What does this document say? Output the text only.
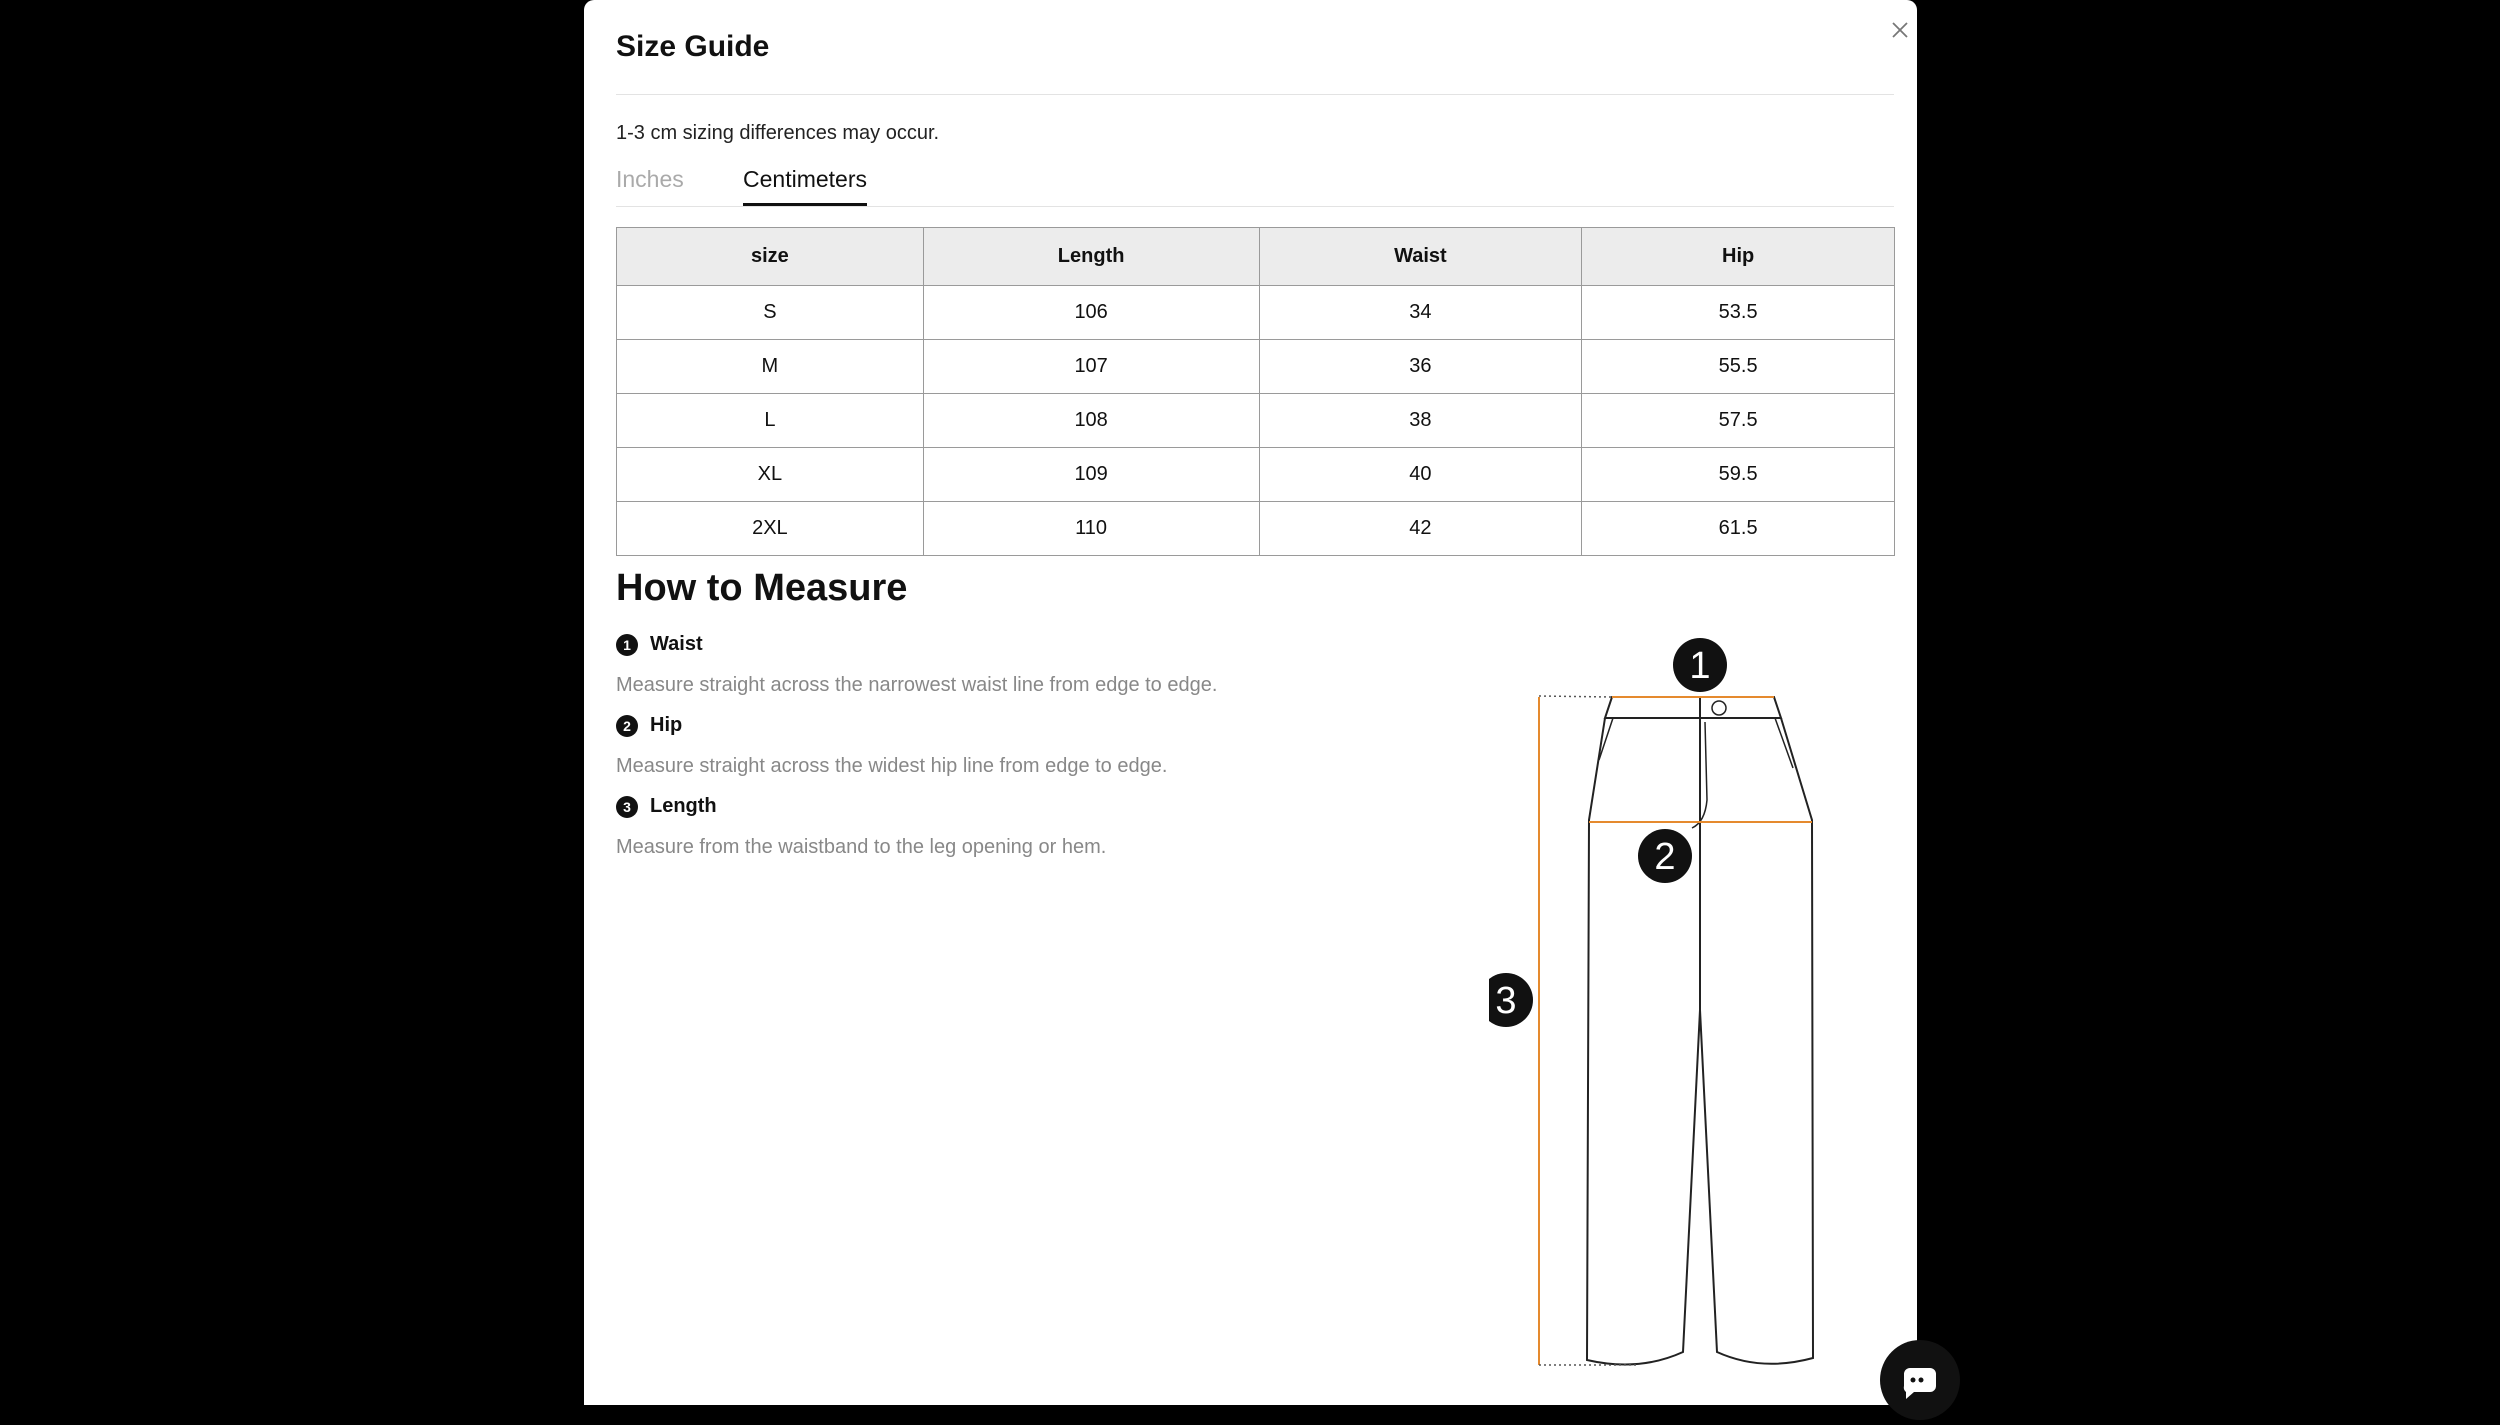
Size Guide
1-3 cm sizing differences may occur.
Inches	Centimeters
size	Length	Waist	Hip
S	106	34	53.5
M	107	36	55.5
L	108	38	57.5
XL	109	40	59.5
2XL	110	42	61.5
How to Measure
1 Waist
Measure straight across the narrowest waist line from edge to edge.
2 Hip
Measure straight across the widest hip line from edge to edge.
3 Length
Measure from the waistband to the leg opening or hem.
1
2
3
